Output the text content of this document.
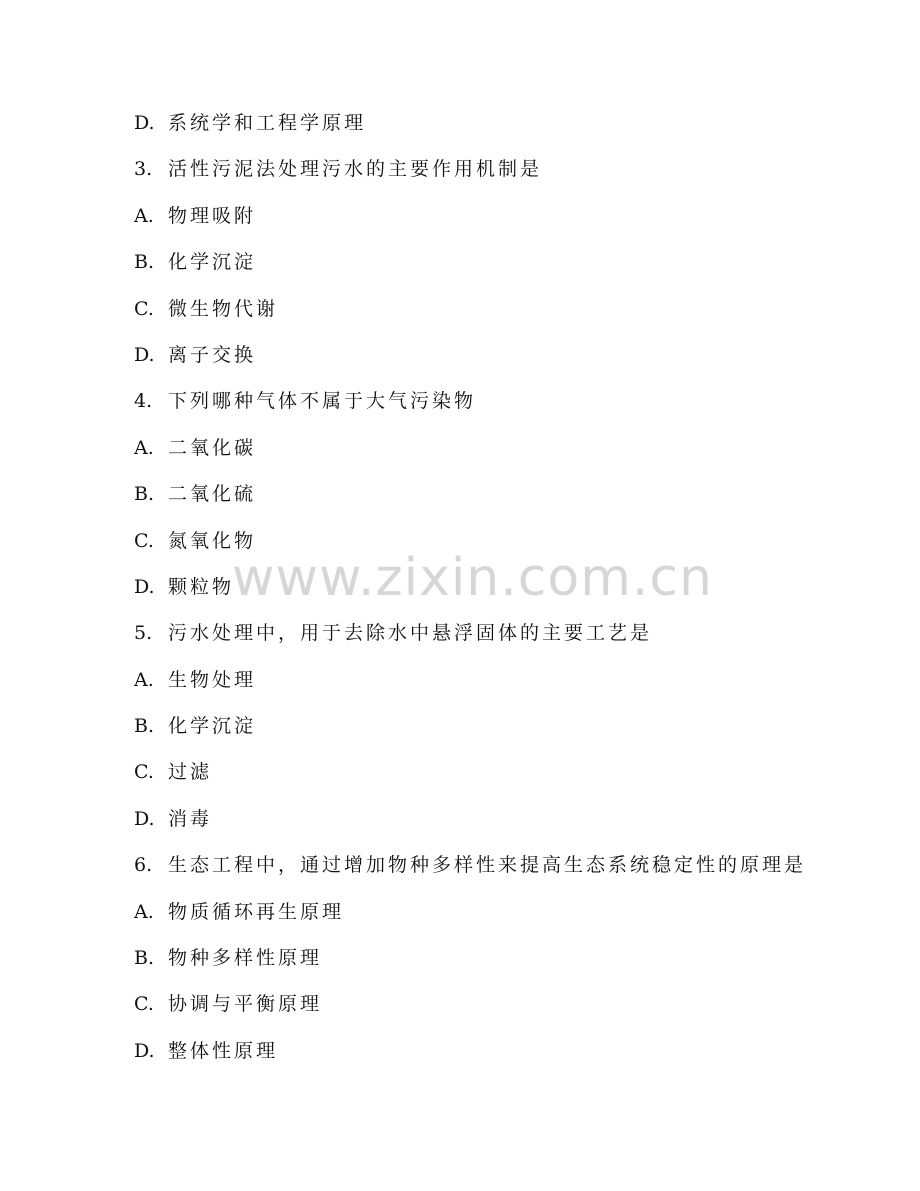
D. 系统学和工程学原理
3. 活性污泥法处理污水的主要作用机制是
A. 物理吸附
B. 化学沉淀
C. 微生物代谢
D. 离子交换
4. 下列哪种气体不属于大气污染物
A. 二氧化碳
B. 二氧化硫
C. 氮氧化物
D. 颗粒物
5. 污水处理中，用于去除水中悬浮固体的主要工艺是
A. 生物处理
B. 化学沉淀
C. 过滤
D. 消毒
6. 生态工程中，通过增加物种多样性来提高生态系统稳定性的原理是
A. 物质循环再生原理
B. 物种多样性原理
C. 协调与平衡原理
D. 整体性原理
www.zixin.com.cn
